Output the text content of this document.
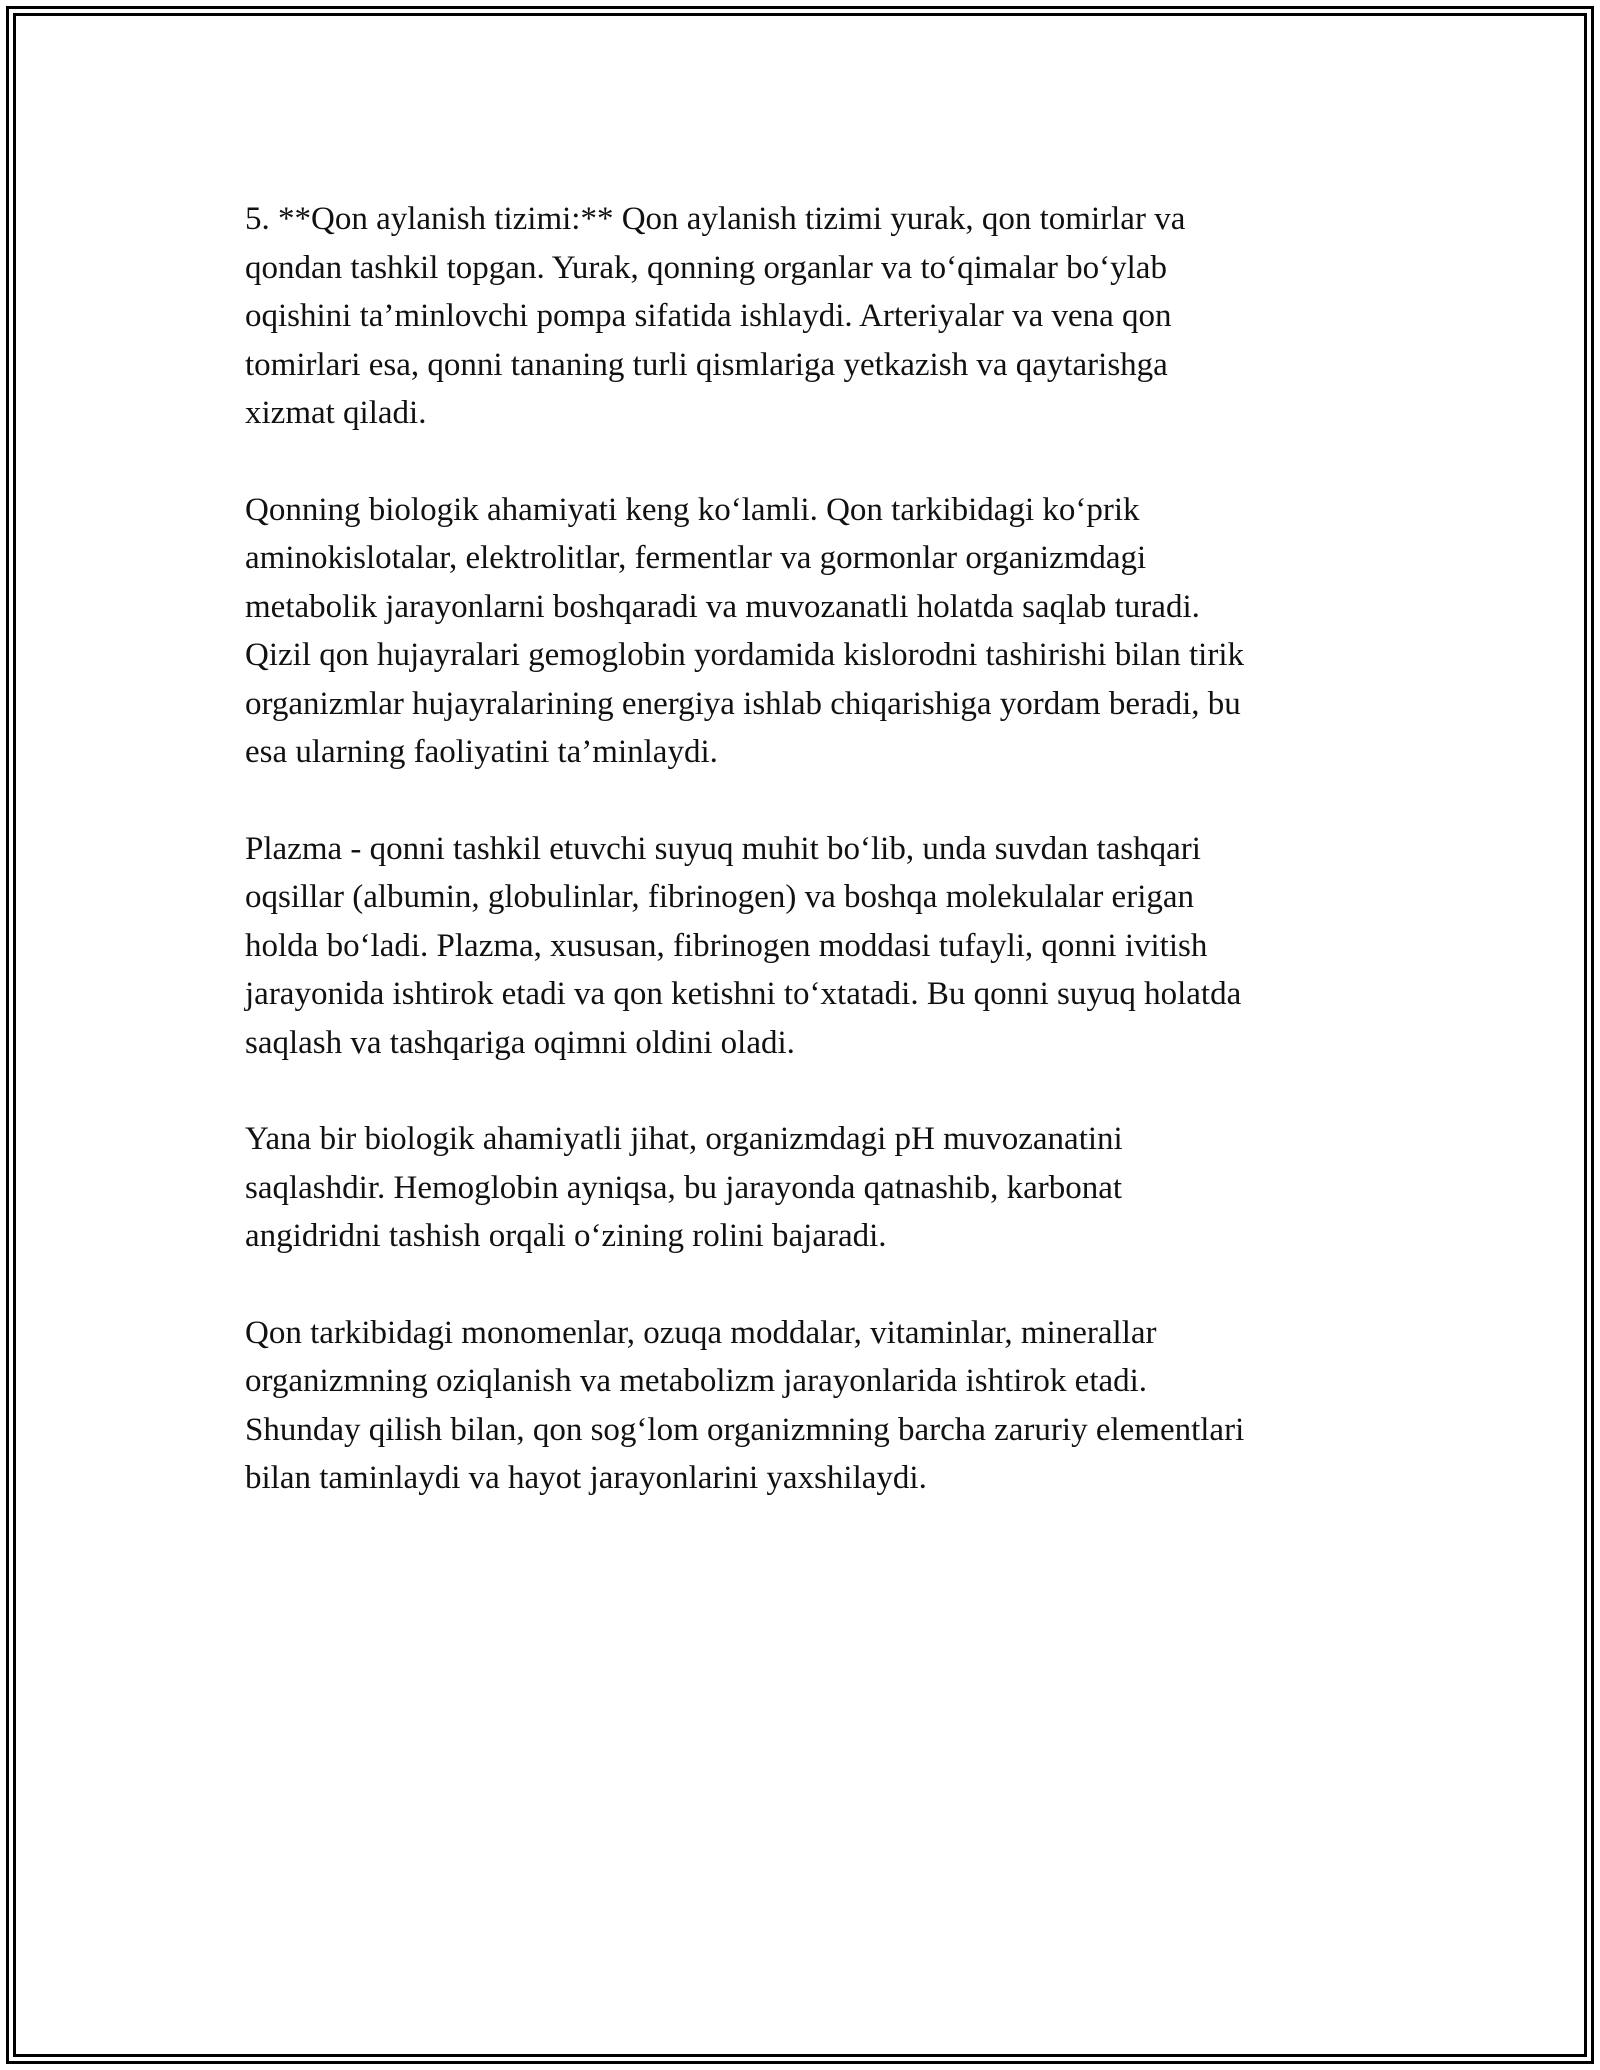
5. **Qon aylanish tizimi:** Qon aylanish tizimi yurak, qon tomirlar va
qondan tashkil topgan. Yurak, qonning organlar va to‘qimalar bo‘ylab
oqishini ta’minlovchi pompa sifatida ishlaydi. Arteriyalar va vena qon
tomirlari esa, qonni tananing turli qismlariga yetkazish va qaytarishga
xizmat qiladi.

Qonning biologik ahamiyati keng ko‘lamli. Qon tarkibidagi ko‘prik
aminokislotalar, elektrolitlar, fermentlar va gormonlar organizmdagi
metabolik jarayonlarni boshqaradi va muvozanatli holatda saqlab turadi.
Qizil qon hujayralari gemoglobin yordamida kislorodni tashirishi bilan tirik
organizmlar hujayralarining energiya ishlab chiqarishiga yordam beradi, bu
esa ularning faoliyatini ta’minlaydi.

Plazma - qonni tashkil etuvchi suyuq muhit bo‘lib, unda suvdan tashqari
oqsillar (albumin, globulinlar, fibrinogen) va boshqa molekulalar erigan
holda bo‘ladi. Plazma, xususan, fibrinogen moddasi tufayli, qonni ivitish
jarayonida ishtirok etadi va qon ketishni to‘xtatadi. Bu qonni suyuq holatda
saqlash va tashqariga oqimni oldini oladi.

Yana bir biologik ahamiyatli jihat, organizmdagi pH muvozanatini
saqlashdir. Hemoglobin ayniqsa, bu jarayonda qatnashib, karbonat
angidridni tashish orqali o‘zining rolini bajaradi.

Qon tarkibidagi monomenlar, ozuqa moddalar, vitaminlar, minerallar
organizmning oziqlanish va metabolizm jarayonlarida ishtirok etadi.
Shunday qilish bilan, qon sog‘lom organizmning barcha zaruriy elementlari
bilan taminlaydi va hayot jarayonlarini yaxshilaydi.
